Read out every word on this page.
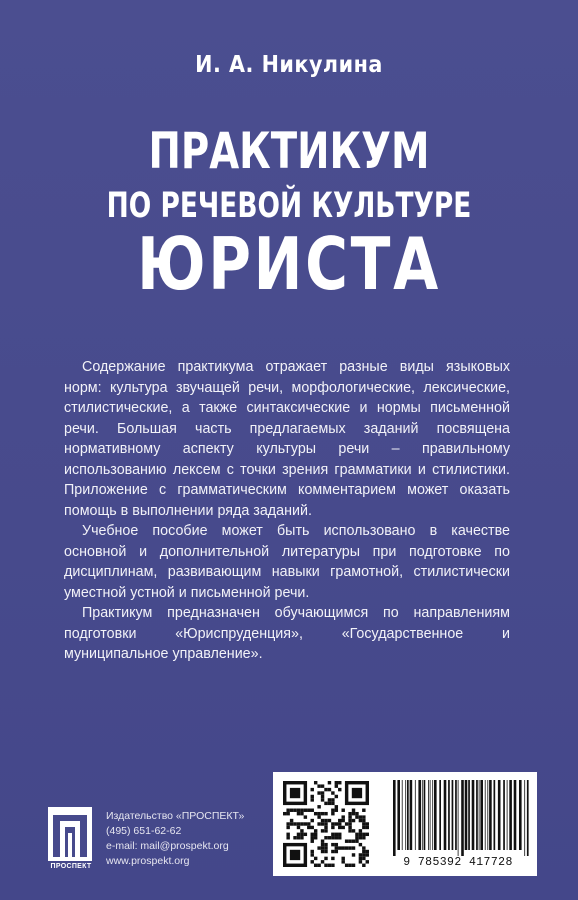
И. А. Никулина
ПРАКТИКУМ
ПО РЕЧЕВОЙ КУЛЬТУРЕ
ЮРИСТА

Содержание практикума отражает разные виды языковых норм: культура звучащей речи, морфологические, лексические, стилистические, а также синтаксические и нормы письменной речи. Большая часть предлагаемых заданий посвящена нормативному аспекту культуры речи – правильному использованию лексем с точки зрения грамматики и стилистики. Приложение с грамматическим комментарием может оказать помощь в выполнении ряда заданий.

Учебное пособие может быть использовано в качестве основной и дополнительной литературы при подготовке по дисциплинам, развивающим навыки грамотной, стилистически уместной устной и письменной речи.

Практикум предназначен обучающимся по направлениям подготовки «Юриспруденция», «Государственное и муниципальное управление».

ПРОСПЕКТ
Издательство «ПРОСПЕКТ»
(495) 651-62-62
e-mail: mail@prospekt.org
www.prospekt.org	9 785392 417728
